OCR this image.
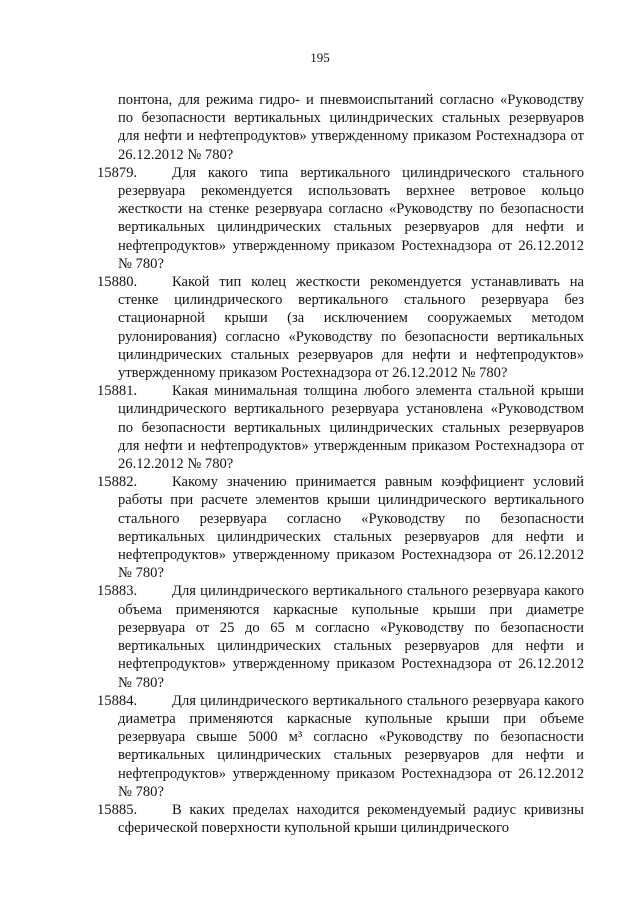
195

понтона, для режима гидро- и пневмоиспытаний согласно «Руководству по безопасности вертикальных цилиндрических стальных резервуаров для нефти и нефтепродуктов» утвержденному приказом Ростехнадзора от 26.12.2012 № 780?

15879.	Для какого типа вертикального цилиндрического стального резервуара рекомендуется использовать верхнее ветровое кольцо жесткости на стенке резервуара согласно «Руководству по безопасности вертикальных цилиндрических стальных резервуаров для нефти и нефтепродуктов» утвержденному приказом Ростехнадзора от 26.12.2012 № 780?

15880.	Какой тип колец жесткости рекомендуется устанавливать на стенке цилиндрического вертикального стального резервуара без стационарной крыши (за исключением сооружаемых методом рулонирования) согласно «Руководству по безопасности вертикальных цилиндрических стальных резервуаров для нефти и нефтепродуктов» утвержденному приказом Ростехнадзора от 26.12.2012 № 780?

15881.	Какая минимальная толщина любого элемента стальной крыши цилиндрического вертикального резервуара установлена «Руководством по безопасности вертикальных цилиндрических стальных резервуаров для нефти и нефтепродуктов» утвержденным приказом Ростехнадзора от 26.12.2012 № 780?

15882.	Какому значению принимается равным коэффициент условий работы при расчете элементов крыши цилиндрического вертикального стального резервуара согласно «Руководству по безопасности вертикальных цилиндрических стальных резервуаров для нефти и нефтепродуктов» утвержденному приказом Ростехнадзора от 26.12.2012 № 780?

15883.	Для цилиндрического вертикального стального резервуара какого объема применяются каркасные купольные крыши при диаметре резервуара от 25 до 65 м согласно «Руководству по безопасности вертикальных цилиндрических стальных резервуаров для нефти и нефтепродуктов» утвержденному приказом Ростехнадзора от 26.12.2012 № 780?

15884.	Для цилиндрического вертикального стального резервуара какого диаметра применяются каркасные купольные крыши при объеме резервуара свыше 5000 м³ согласно «Руководству по безопасности вертикальных цилиндрических стальных резервуаров для нефти и нефтепродуктов» утвержденному приказом Ростехнадзора от 26.12.2012 № 780?

15885.	В каких пределах находится рекомендуемый радиус кривизны сферической поверхности купольной крыши цилиндрического
